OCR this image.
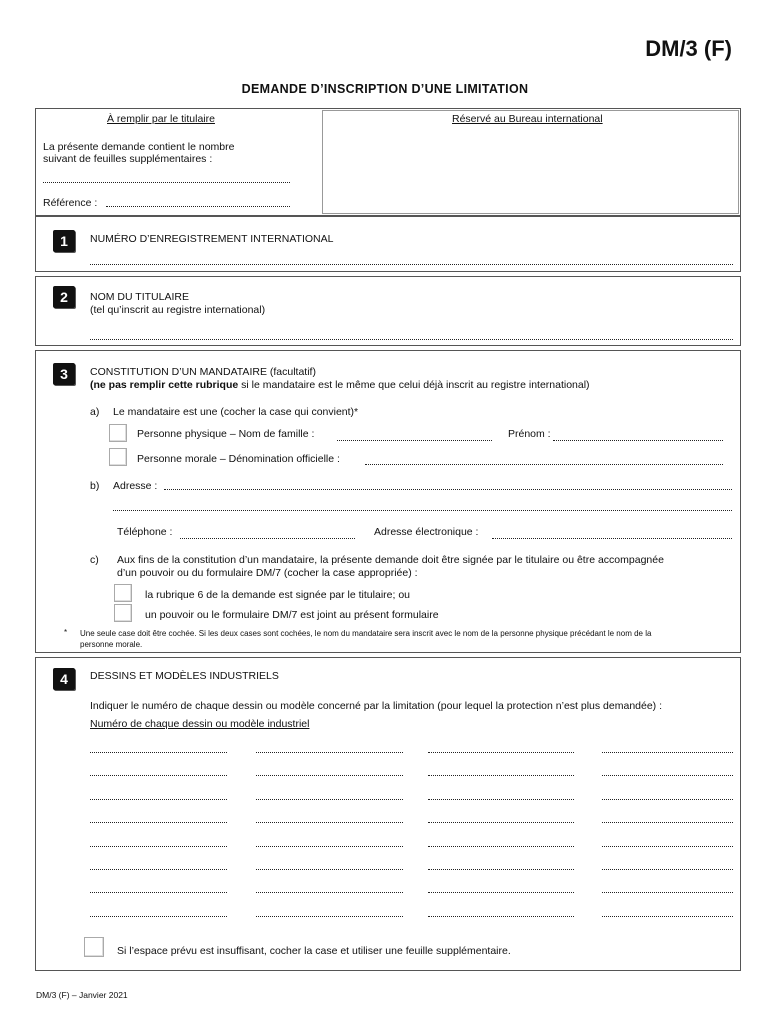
DM/3 (F)
DEMANDE D’INSCRIPTION D’UNE LIMITATION
À remplir par le titulaire	Réservé au Bureau international
La présente demande contient le nombre
suivant de feuilles supplémentaires :
Référence :
1	NUMÉRO D’ENREGISTREMENT INTERNATIONAL
2	NOM DU TITULAIRE
(tel qu’inscrit au registre international)
3	CONSTITUTION D’UN MANDATAIRE (facultatif)
(ne pas remplir cette rubrique si le mandataire est le même que celui déjà inscrit au registre international)
a) Le mandataire est une (cocher la case qui convient)*
Personne physique – Nom de famille :	Prénom :
Personne morale – Dénomination officielle :
b) Adresse :
Téléphone :	Adresse électronique :
c) Aux fins de la constitution d’un mandataire, la présente demande doit être signée par le titulaire ou être accompagnée
d’un pouvoir ou du formulaire DM/7 (cocher la case appropriée) :
la rubrique 6 de la demande est signée par le titulaire; ou
un pouvoir ou le formulaire DM/7 est joint au présent formulaire
* Une seule case doit être cochée. Si les deux cases sont cochées, le nom du mandataire sera inscrit avec le nom de la personne physique précédant le nom de la
personne morale.
4	DESSINS ET MODÈLES INDUSTRIELS
Indiquer le numéro de chaque dessin ou modèle concerné par la limitation (pour lequel la protection n’est plus demandée) :
Numéro de chaque dessin ou modèle industriel
Si l’espace prévu est insuffisant, cocher la case et utiliser une feuille supplémentaire.
DM/3 (F) – Janvier 2021
